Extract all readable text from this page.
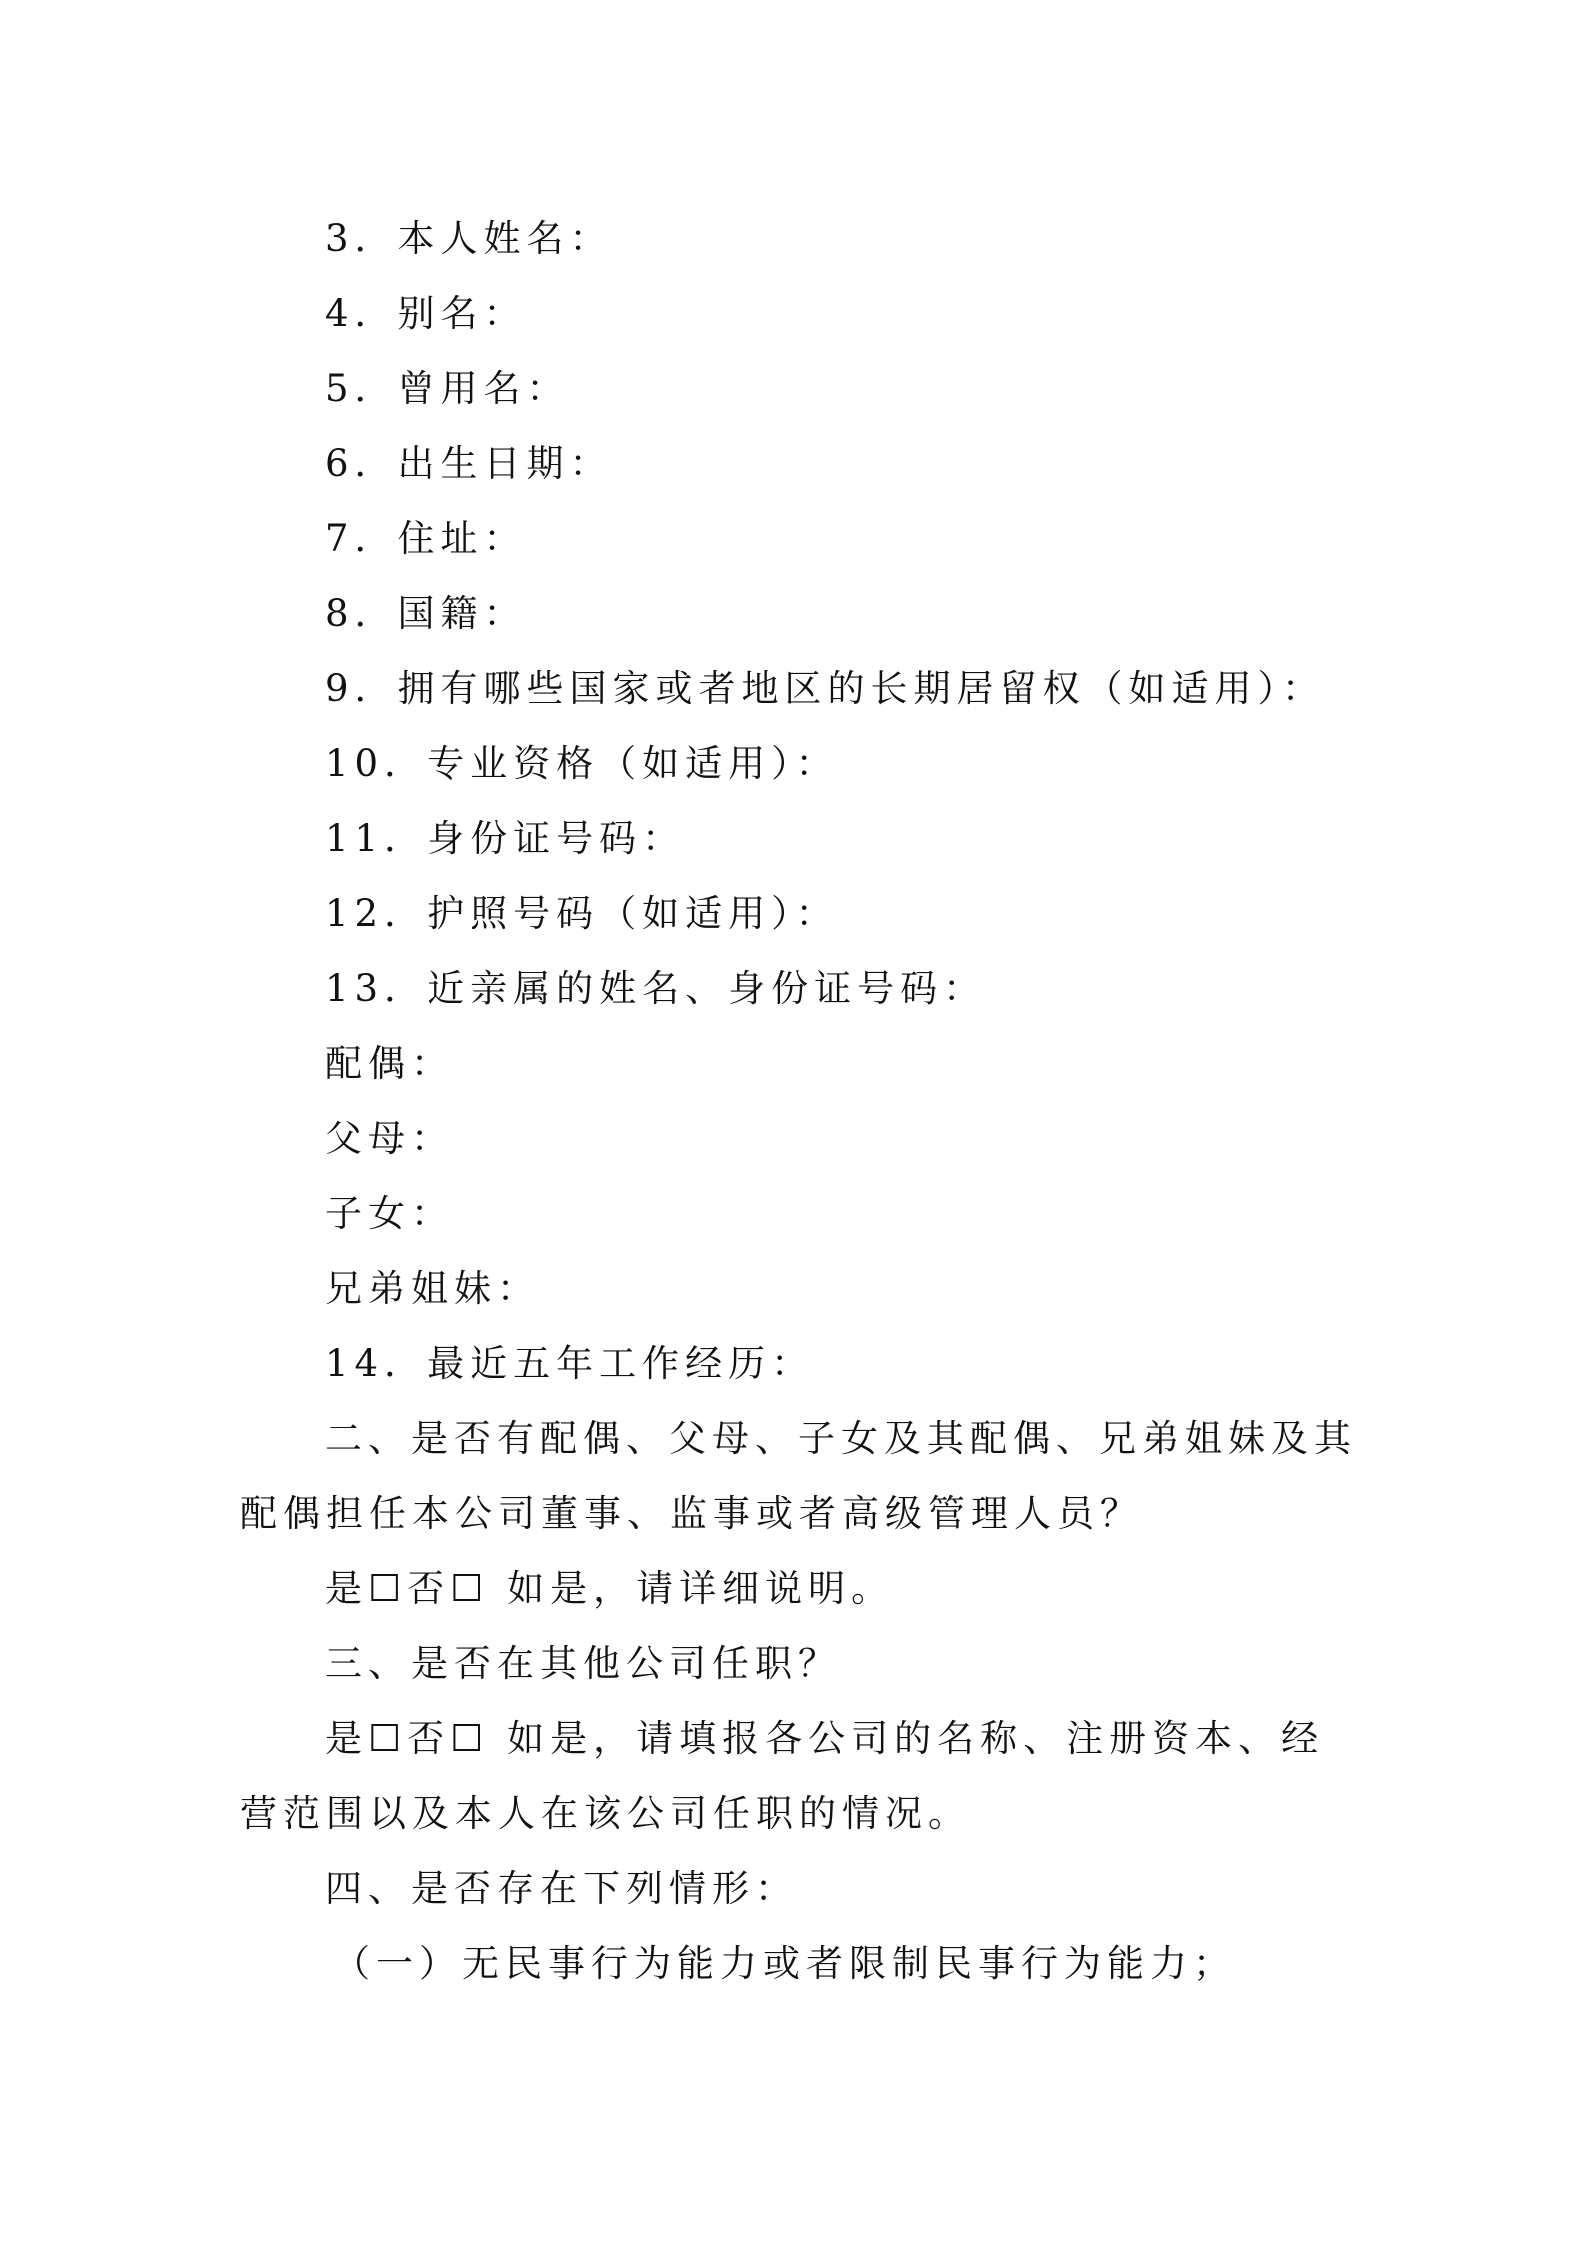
3．本人姓名：
4．别名：
5．曾用名：
6．出生日期：
7．住址：
8．国籍：
9．拥有哪些国家或者地区的长期居留权（如适用）：
10．专业资格（如适用）：
11．身份证号码：
12．护照号码（如适用）：
13．近亲属的姓名、身份证号码：
配偶：
父母：
子女：
兄弟姐妹：
14．最近五年工作经历：
二、是否有配偶、父母、子女及其配偶、兄弟姐妹及其
配偶担任本公司董事、监事或者高级管理人员？
是☐否☐ 如是，请详细说明。
三、是否在其他公司任职？
是☐否☐ 如是，请填报各公司的名称、注册资本、经
营范围以及本人在该公司任职的情况。
四、是否存在下列情形：
（一）无民事行为能力或者限制民事行为能力；
